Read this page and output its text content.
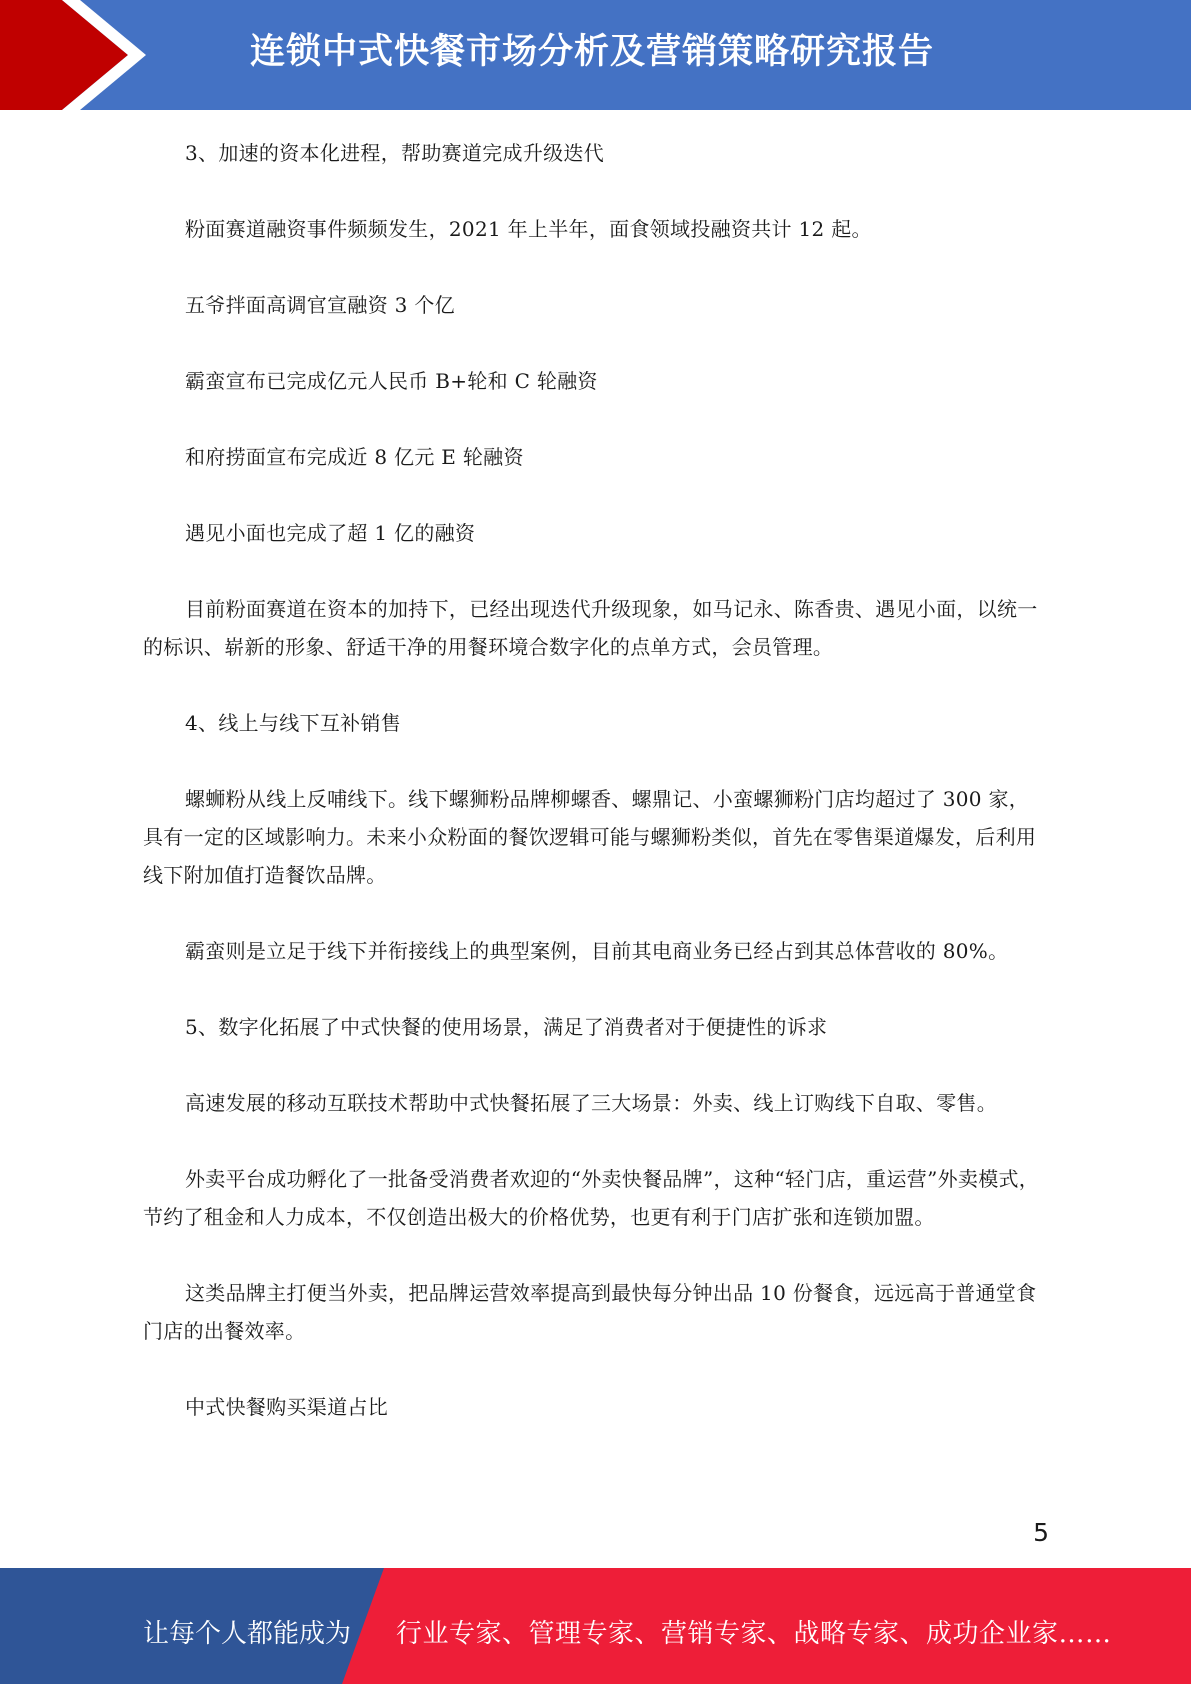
连锁中式快餐市场分析及营销策略研究报告

3、加速的资本化进程，帮助赛道完成升级迭代

粉面赛道融资事件频频发生，2021 年上半年，面食领域投融资共计 12 起。

五爷拌面高调官宣融资 3 个亿

霸蛮宣布已完成亿元人民币 B+轮和 C 轮融资

和府捞面宣布完成近 8 亿元 E 轮融资

遇见小面也完成了超 1 亿的融资

目前粉面赛道在资本的加持下，已经出现迭代升级现象，如马记永、陈香贵、遇见小面，以统一的标识、崭新的形象、舒适干净的用餐环境合数字化的点单方式，会员管理。

4、线上与线下互补销售

螺蛳粉从线上反哺线下。线下螺狮粉品牌柳螺香、螺鼎记、小蛮螺狮粉门店均超过了 300 家，具有一定的区域影响力。未来小众粉面的餐饮逻辑可能与螺狮粉类似，首先在零售渠道爆发，后利用线下附加值打造餐饮品牌。

霸蛮则是立足于线下并衔接线上的典型案例，目前其电商业务已经占到其总体营收的 80%。

5、数字化拓展了中式快餐的使用场景，满足了消费者对于便捷性的诉求

高速发展的移动互联技术帮助中式快餐拓展了三大场景：外卖、线上订购线下自取、零售。

外卖平台成功孵化了一批备受消费者欢迎的“外卖快餐品牌”，这种“轻门店，重运营”外卖模式，节约了租金和人力成本，不仅创造出极大的价格优势，也更有利于门店扩张和连锁加盟。

这类品牌主打便当外卖，把品牌运营效率提高到最快每分钟出品 10 份餐食，远远高于普通堂食门店的出餐效率。

中式快餐购买渠道占比

5
让每个人都能成为 行业专家、管理专家、营销专家、战略专家、成功企业家……
